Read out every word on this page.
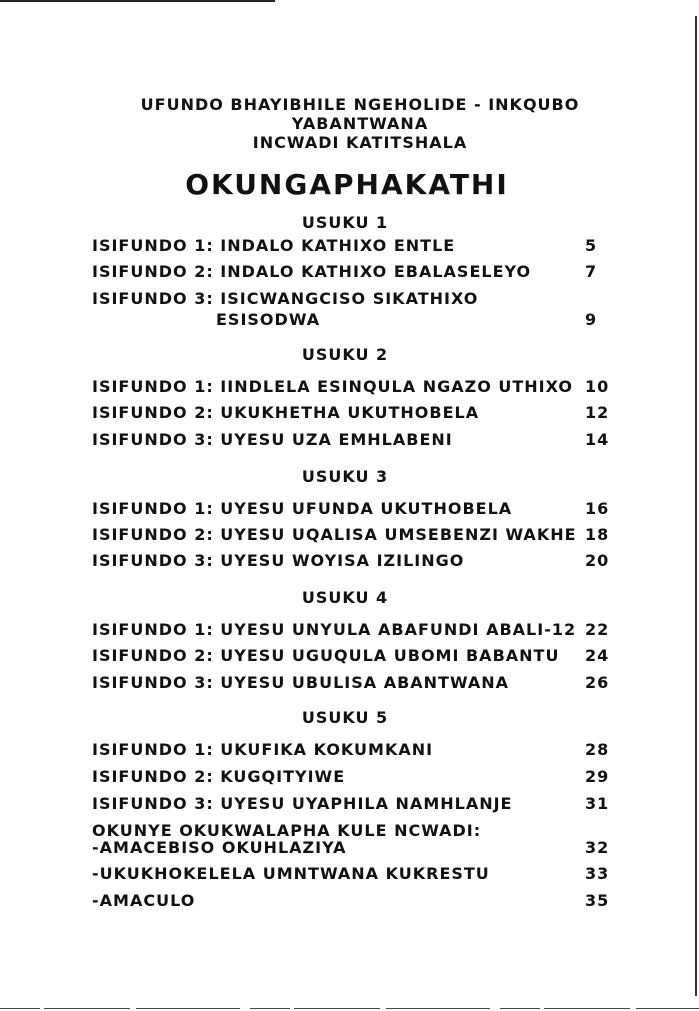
UFUNDO BHAYIBHILE NGEHOLIDE - INKQUBO
YABANTWANA
INCWADI KATITSHALA
OKUNGAPHAKATHI
USUKU 1
ISIFUNDO 1: INDALO KATHIXO ENTLE	5
ISIFUNDO 2: INDALO KATHIXO EBALASELEYO	7
ISIFUNDO 3: ISICWANGCISO SIKATHIXO
ESISODWA	9
USUKU 2
ISIFUNDO 1: IINDLELA ESINQULA NGAZO UTHIXO 10
ISIFUNDO 2: UKUKHETHA UKUTHOBELA	12
ISIFUNDO 3: UYESU UZA EMHLABENI	14
USUKU 3
ISIFUNDO 1: UYESU UFUNDA UKUTHOBELA	16
ISIFUNDO 2: UYESU UQALISA UMSEBENZI WAKHE 18
ISIFUNDO 3: UYESU WOYISA IZILINGO	20
USUKU 4
ISIFUNDO 1: UYESU UNYULA ABAFUNDI ABALI-12 22
ISIFUNDO 2: UYESU UGUQULA UBOMI BABANTU 24
ISIFUNDO 3: UYESU UBULISA ABANTWANA	26
USUKU 5
ISIFUNDO 1: UKUFIKA KOKUMKANI	28
ISIFUNDO 2: KUGQITYIWE	29
ISIFUNDO 3: UYESU UYAPHILA NAMHLANJE	31
OKUNYE OKUKWALAPHA KULE NCWADI:
-AMACEBISO OKUHLAZIYA	32
-UKUKHOKELELA UMNTWANA KUKRESTU	33
-AMACULO	35
